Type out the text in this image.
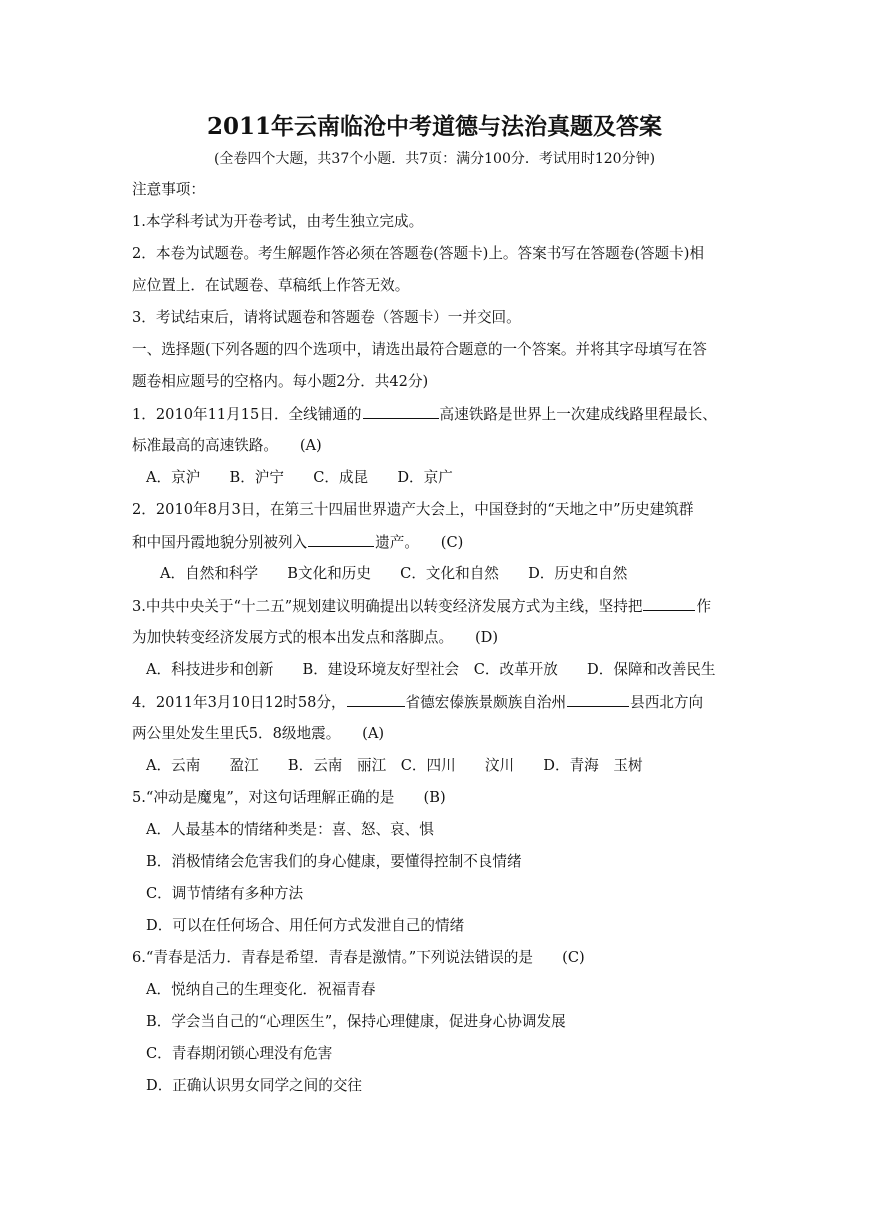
2011年云南临沧中考道德与法治真题及答案
(全卷四个大题，共37个小题．共7页：满分100分．考试用时120分钟)
注意事项：
1.本学科考试为开卷考试，由考生独立完成。
2．本卷为试题卷。考生解题作答必须在答题卷(答题卡)上。答案书写在答题卷(答题卡)相
应位置上．在试题卷、草稿纸上作答无效。
3．考试结束后，请将试题卷和答题卷（答题卡）一并交回。
一、选择题(下列各题的四个选项中，请选出最符合题意的一个答案。并将其字母填写在答
题卷相应题号的空格内。每小题2分．共42分)
1．2010年11月15日．全线铺通的	高速铁路是世界上一次建成线路里程最长、
标准最高的高速铁路。　　(A)
A．京沪　　B．沪宁　　C．成昆　　D．京广
2．2010年8月3日，在第三十四届世界遗产大会上，中国登封的“天地之中”历史建筑群
和中国丹霞地貌分别被列入	遗产。　　(C)
A．自然和科学　　B文化和历史　　C．文化和自然　　D．历史和自然
3.中共中央关于“十二五”规划建议明确提出以转变经济发展方式为主线，坚持把	作
为加快转变经济发展方式的根本出发点和落脚点。　　(D)
A．科技进步和创新　　B．建设环境友好型社会　C．改革开放　　D．保障和改善民生
4．2011年3月10日12时58分，	省德宏傣族景颇族自治州	县西北方向
两公里处发生里氏5．8级地震。　　(A)
A．云南　　盈江　　B．云南　丽江　C．四川　　汶川　　D．青海　玉树
5.“冲动是魔鬼”，对这句话理解正确的是　　(B)
A．人最基本的情绪种类是：喜、怒、哀、惧
B．消极情绪会危害我们的身心健康，要懂得控制不良情绪
C．调节情绪有多种方法
D．可以在任何场合、用任何方式发泄自己的情绪
6.“青春是活力．青春是希望．青春是激情。”下列说法错误的是　　(C)
A．悦纳自己的生理变化．祝福青春
B．学会当自己的“心理医生”，保持心理健康，促进身心协调发展
C．青春期闭锁心理没有危害
D．正确认识男女同学之间的交往
